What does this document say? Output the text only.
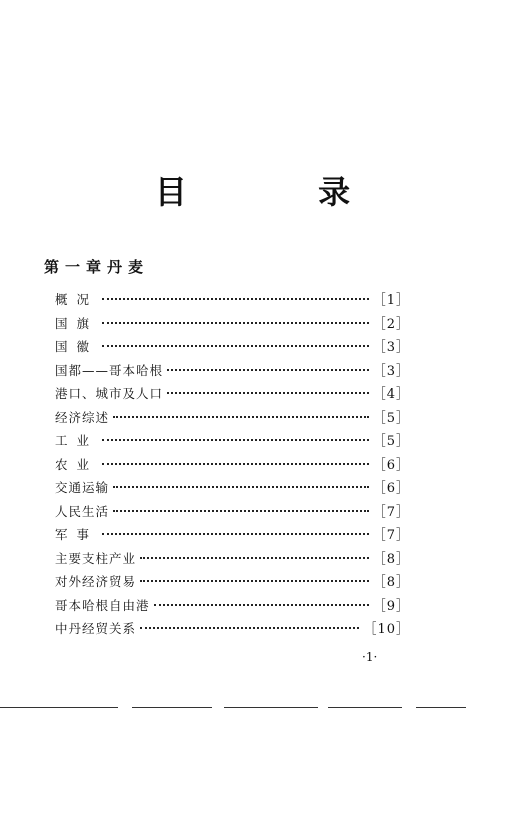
目 录
第一章丹麦
概况	［1］
国旗	［2］
国徽	［3］
国都——哥本哈根	［3］
港口、城市及人口	［4］
经济综述	［5］
工业	［5］
农业	［6］
交通运输	［6］
人民生活	［7］
军事	［7］
主要支柱产业	［8］
对外经济贸易	［8］
哥本哈根自由港	［9］
中丹经贸关系	［10］
·1·
